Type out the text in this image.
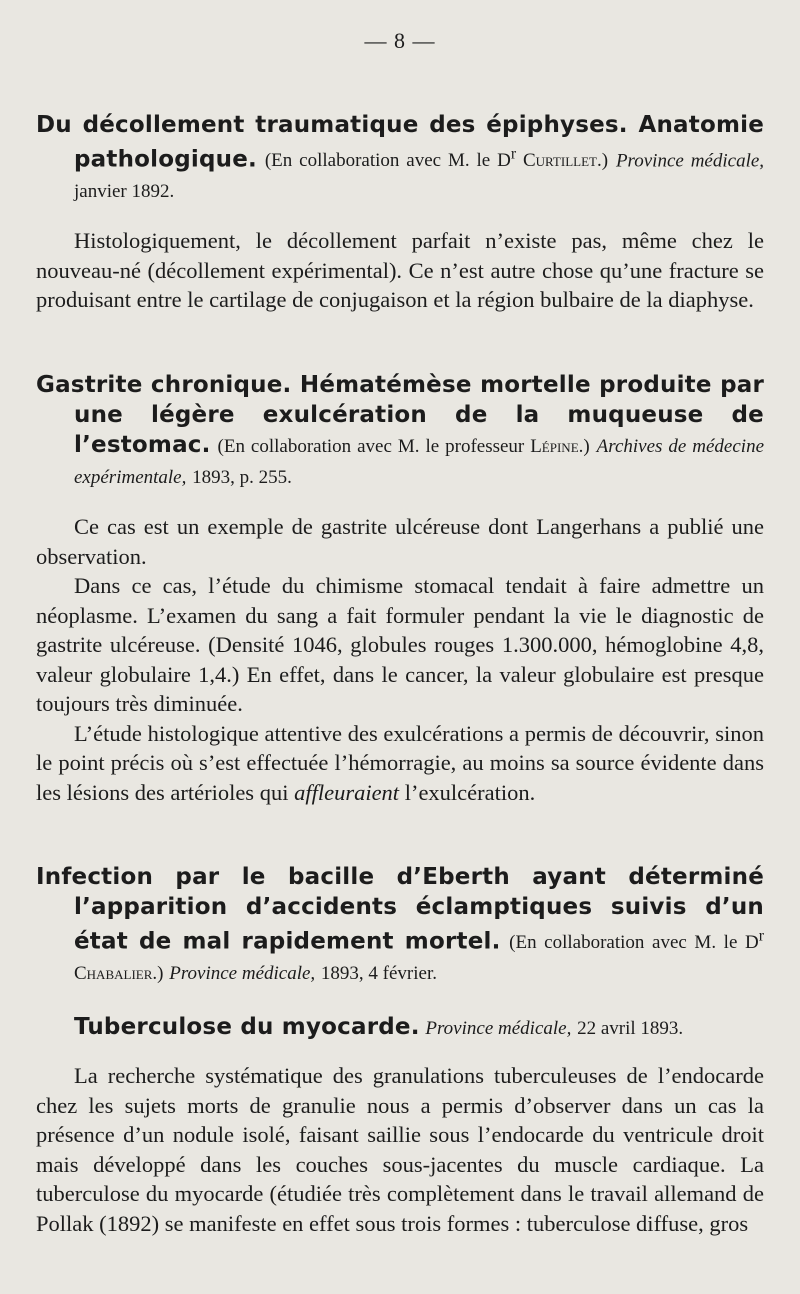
— 8 —

Du décollement traumatique des épiphyses. Anatomie pathologique. (En collaboration avec M. le $D^r$ Curtillet.) Province médicale, janvier 1892.

Histologiquement, le décollement parfait n’existe pas, même chez le nouveau-né (décollement expérimental). Ce n’est autre chose qu’une fracture se produisant entre le cartilage de conjugaison et la région bulbaire de la diaphyse.

Gastrite chronique. Hématémèse mortelle produite par une légère exulcération de la muqueuse de l’estomac. (En collaboration avec M. le professeur Lépine.) Archives de médecine expérimentale, 1893, p. 255.

Ce cas est un exemple de gastrite ulcéreuse dont Langerhans a publié une observation.

Dans ce cas, l’étude du chimisme stomacal tendait à faire admettre un néoplasme. L’examen du sang a fait formuler pendant la vie le diagnostic de gastrite ulcéreuse. (Densité 1046, globules rouges 1.300.000, hémoglobine 4,8, valeur globulaire 1,4.) En effet, dans le cancer, la valeur globulaire est presque toujours très diminuée.

L’étude histologique attentive des exulcérations a permis de découvrir, sinon le point précis où s’est effectuée l’hémorragie, au moins sa source évidente dans les lésions des artérioles qui affleuraient l’exulcération.

Infection par le bacille d’Eberth ayant déterminé l’apparition d’accidents éclamptiques suivis d’un état de mal rapidement mortel. (En collaboration avec M. le $D^r$ Chabalier.) Province médicale, 1893, 4 février.

Tuberculose du myocarde. Province médicale, 22 avril 1893.

La recherche systématique des granulations tuberculeuses de l’endocarde chez les sujets morts de granulie nous a permis d’observer dans un cas la présence d’un nodule isolé, faisant saillie sous l’endocarde du ventricule droit mais développé dans les couches sous-jacentes du muscle cardiaque. La tuberculose du myocarde (étudiée très complètement dans le travail allemand de Pollak (1892) se manifeste en effet sous trois formes : tuberculose diffuse, gros
